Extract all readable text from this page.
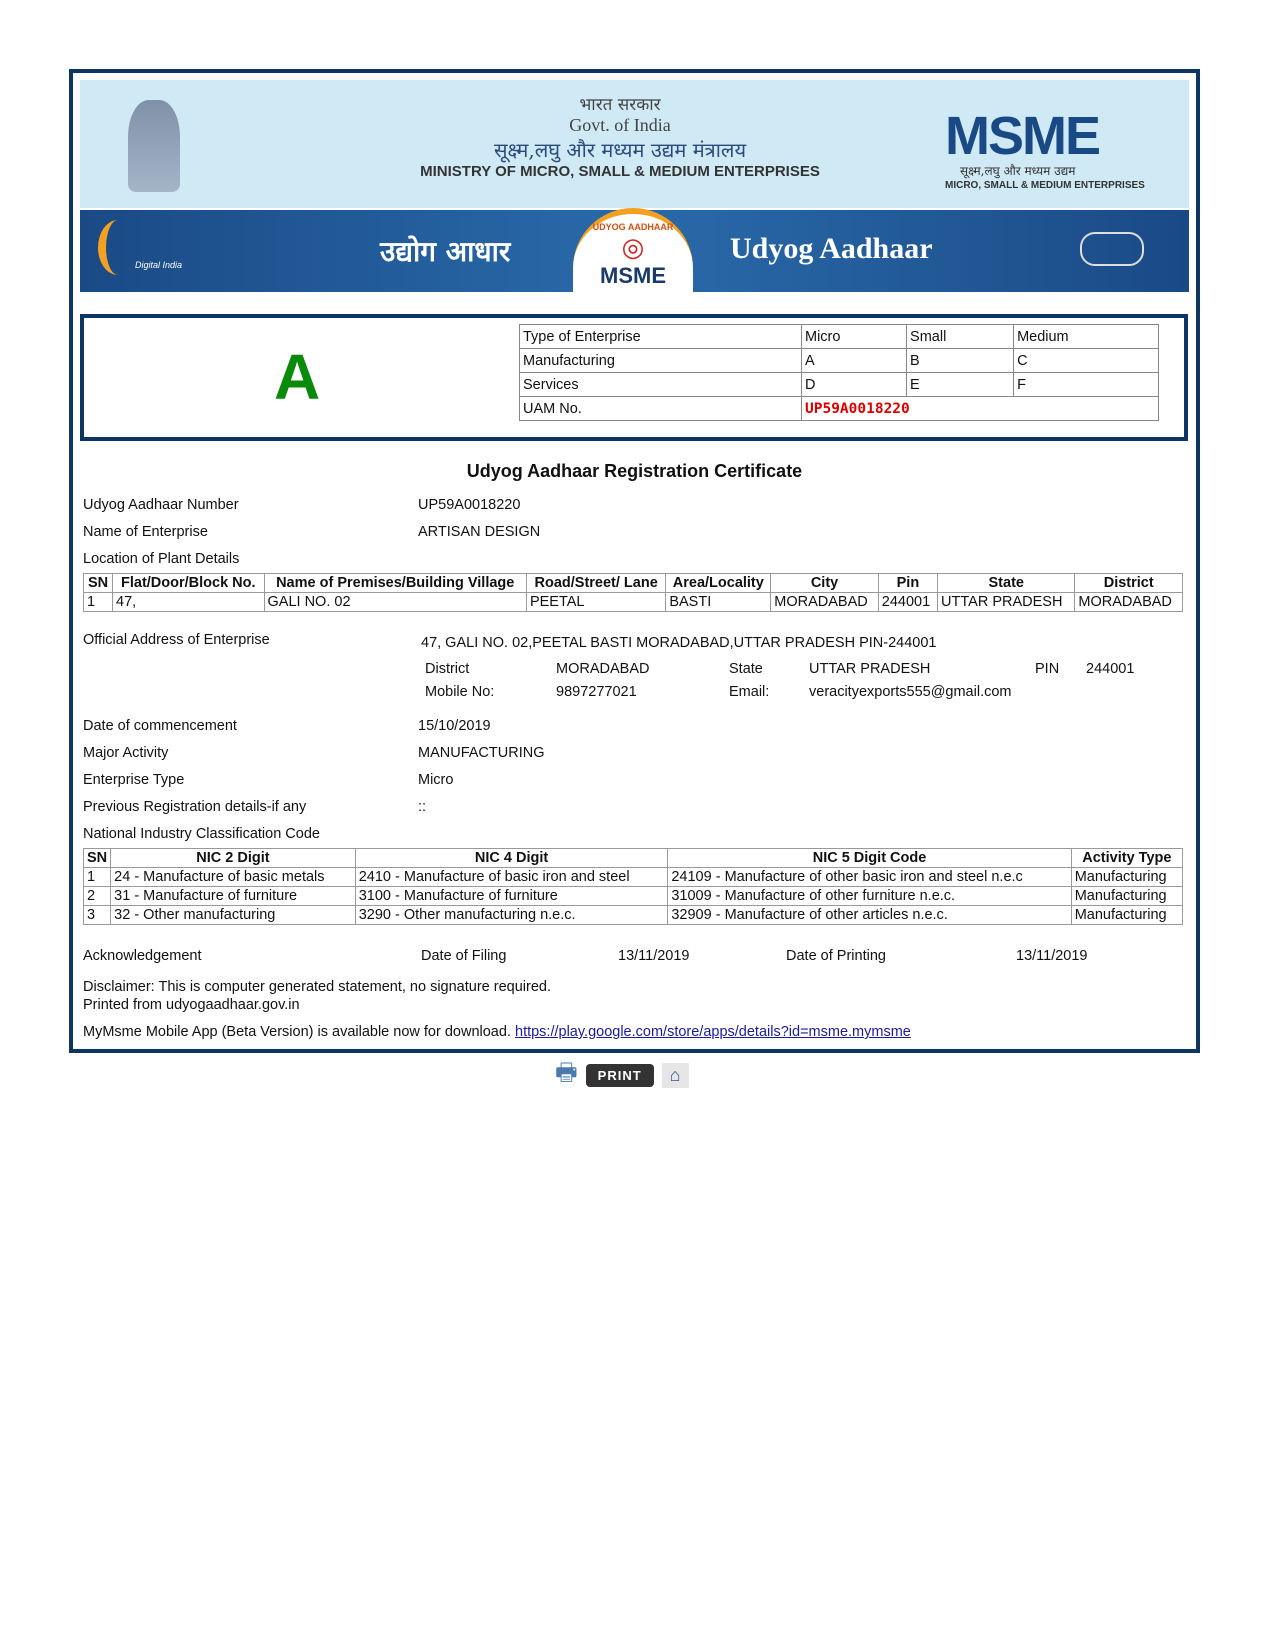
भारत सरकार
Govt. of India
सूक्ष्म,लघु और मध्यम उद्यम मंत्रालय
MINISTRY OF MICRO, SMALL & MEDIUM ENTERPRISES
MSME
सूक्ष्म,लघु और मध्यम उद्यम
MICRO, SMALL & MEDIUM ENTERPRISES
Digital India	उद्योग आधार	Udyog Aadhaar
UDYOG AADHAAR
◎
MSME
A
Type of Enterprise	Micro	Small	Medium
Manufacturing	A	B	C
Services	D	E	F
UAM No.	UP59A0018220		
Udyog Aadhaar Registration Certificate
Udyog Aadhaar Number	UP59A0018220
Name of Enterprise	ARTISAN DESIGN
Location of Plant Details
SN	Flat/Door/Block No.	Name of Premises/Building Village	Road/Street/ Lane	Area/Locality	City	Pin	State	District
1	47,	GALI NO. 02	PEETAL	BASTI	MORADABAD	244001	UTTAR PRADESH	MORADABAD
Official Address of Enterprise	47, GALI NO. 02,PEETAL BASTI MORADABAD,UTTAR PRADESH PIN-244001
District	MORADABAD	State	UTTAR PRADESH	PIN 244001
Mobile No:	9897277021	Email:	veracityexports555@gmail.com
Date of commencement	15/10/2019
Major Activity	MANUFACTURING
Enterprise Type	Micro
Previous Registration details-if any	::
National Industry Classification Code
SN	NIC 2 Digit	NIC 4 Digit	NIC 5 Digit Code	Activity Type
1	24 - Manufacture of basic metals	2410 - Manufacture of basic iron and steel	24109 - Manufacture of other basic iron and steel n.e.c	Manufacturing
2	31 - Manufacture of furniture	3100 - Manufacture of furniture	31009 - Manufacture of other furniture n.e.c.	Manufacturing
3	32 - Other manufacturing	3290 - Other manufacturing n.e.c.	32909 - Manufacture of other articles n.e.c.	Manufacturing
Acknowledgement	Date of Filing	13/11/2019	Date of Printing	13/11/2019
Disclaimer: This is computer generated statement, no signature required.
Printed from udyogaadhaar.gov.in
MyMsme Mobile App (Beta Version) is available now for download. https://play.google.com/store/apps/details?id=msme.mymsme
🖶	PRINT	⌂
